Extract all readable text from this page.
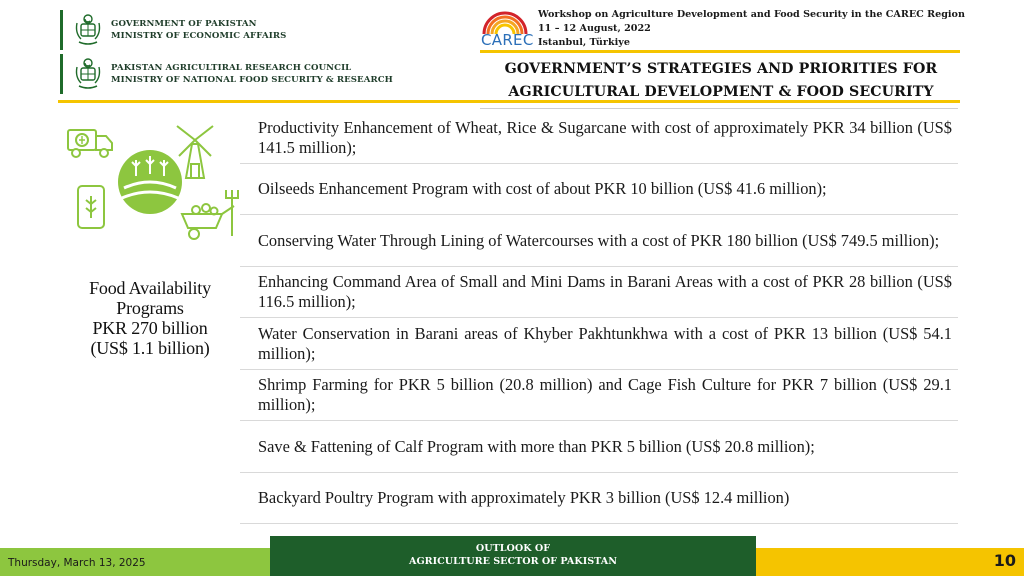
GOVERNMENT OF PAKISTAN
MINISTRY OF ECONOMIC AFFAIRS
PAKISTAN AGRICULTIRAL RESEARCH COUNCIL
MINISTRY OF NATIONAL FOOD SECURITY & RESEARCH
CAREC
Workshop on Agriculture Development and Food Security in the CAREC Region
11 – 12 August, 2022
Istanbul, Türkiye
GOVERNMENT’S STRATEGIES AND PRIORITIES FOR
AGRICULTURAL DEVELOPMENT & FOOD SECURITY
Food Availability
Programs
PKR 270 billion
(US$ 1.1 billion)
Productivity Enhancement of Wheat, Rice & Sugarcane with cost of approximately PKR 34 billion (US$ 141.5 million);
Oilseeds Enhancement Program with cost of about PKR 10 billion (US$ 41.6 million);
Conserving Water Through Lining of Watercourses with a cost of PKR 180 billion (US$ 749.5 million);
Enhancing Command Area of Small and Mini Dams in Barani Areas with a cost of PKR 28 billion (US$ 116.5 million);
Water Conservation in Barani areas of Khyber Pakhtunkhwa with a cost of PKR 13 billion (US$ 54.1 million);
Shrimp Farming for PKR 5 billion (20.8 million) and Cage Fish Culture for PKR 7 billion (US$ 29.1 million);
Save & Fattening of Calf Program with more than PKR 5 billion (US$ 20.8 million);
Backyard Poultry Program with approximately PKR 3 billion (US$ 12.4 million)
OUTLOOK OF
AGRICULTURE SECTOR OF PAKISTAN
Thursday, March 13, 2025	10
